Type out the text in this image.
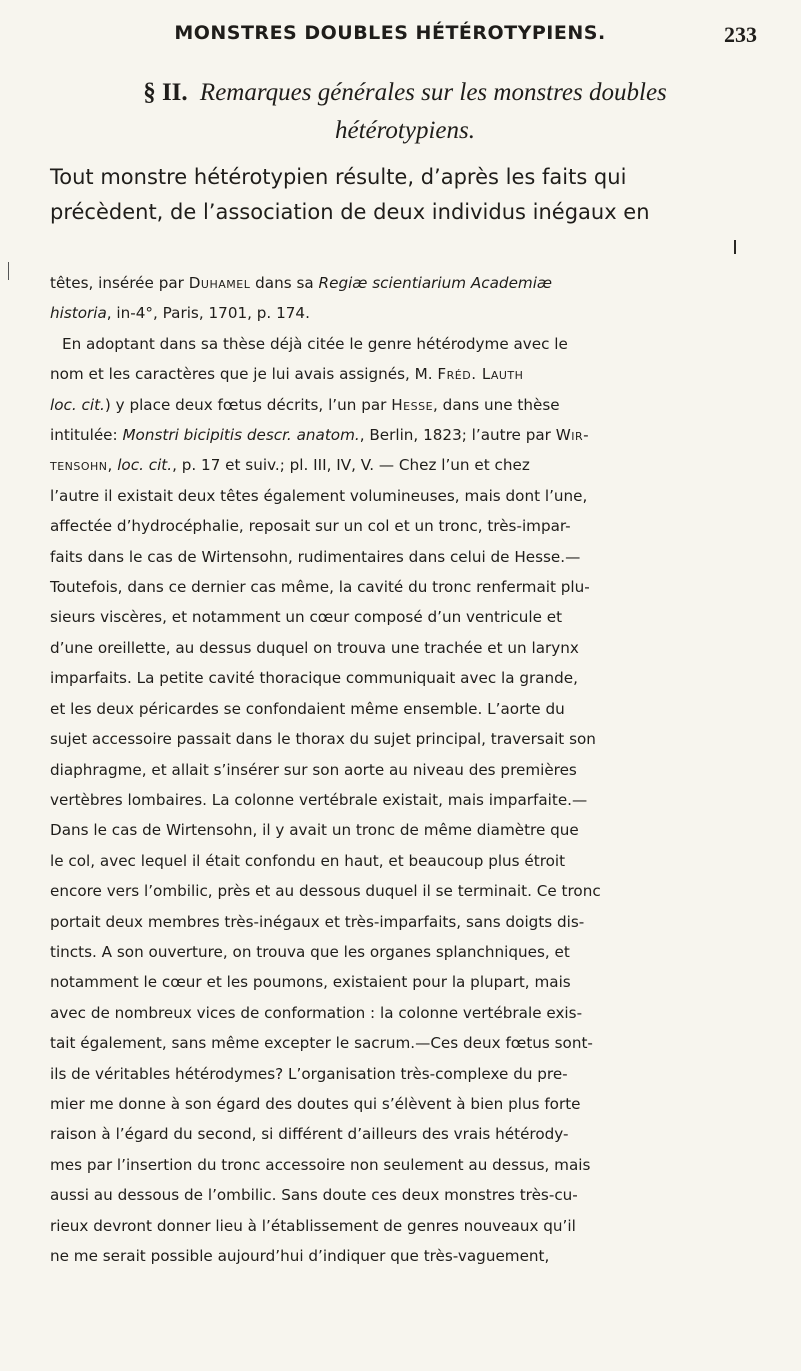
MONSTRES DOUBLES HÉTÉROTYPIENS.	233
§ II. Remarques générales sur les monstres doubles
hétérotypiens.
Tout monstre hétérotypien résulte, d’après les faits qui
précèdent, de l’association de deux individus inégaux en
têtes, insérée par Duhamel dans sa Regiæ scientiarium Academiæ
historia, in-4°, Paris, 1701, p. 174.
En adoptant dans sa thèse déjà citée le genre hétérodyme avec le
nom et les caractères que je lui avais assignés, M. Fréd. Lauth
loc. cit.) y place deux fœtus décrits, l’un par Hesse, dans une thèse
intitulée: Monstri bicipitis descr. anatom., Berlin, 1823; l’autre par Wir-
tensohn, loc. cit., p. 17 et suiv.; pl. III, IV, V. — Chez l’un et chez
l’autre il existait deux têtes également volumineuses, mais dont l’une,
affectée d’hydrocéphalie, reposait sur un col et un tronc, très-impar-
faits dans le cas de Wirtensohn, rudimentaires dans celui de Hesse.—
Toutefois, dans ce dernier cas même, la cavité du tronc renfermait plu-
sieurs viscères, et notamment un cœur composé d’un ventricule et
d’une oreillette, au dessus duquel on trouva une trachée et un larynx
imparfaits. La petite cavité thoracique communiquait avec la grande,
et les deux péricardes se confondaient même ensemble. L’aorte du
sujet accessoire passait dans le thorax du sujet principal, traversait son
diaphragme, et allait s’insérer sur son aorte au niveau des premières
vertèbres lombaires. La colonne vertébrale existait, mais imparfaite.—
Dans le cas de Wirtensohn, il y avait un tronc de même diamètre que
le col, avec lequel il était confondu en haut, et beaucoup plus étroit
encore vers l’ombilic, près et au dessous duquel il se terminait. Ce tronc
portait deux membres très-inégaux et très-imparfaits, sans doigts dis-
tincts. A son ouverture, on trouva que les organes splanchniques, et
notamment le cœur et les poumons, existaient pour la plupart, mais
avec de nombreux vices de conformation : la colonne vertébrale exis-
tait également, sans même excepter le sacrum.—Ces deux fœtus sont-
ils de véritables hétérodymes? L’organisation très-complexe du pre-
mier me donne à son égard des doutes qui s’élèvent à bien plus forte
raison à l’égard du second, si différent d’ailleurs des vrais hétérody-
mes par l’insertion du tronc accessoire non seulement au dessus, mais
aussi au dessous de l’ombilic. Sans doute ces deux monstres très-cu-
rieux devront donner lieu à l’établissement de genres nouveaux qu’il
ne me serait possible aujourd’hui d’indiquer que très-vaguement,
